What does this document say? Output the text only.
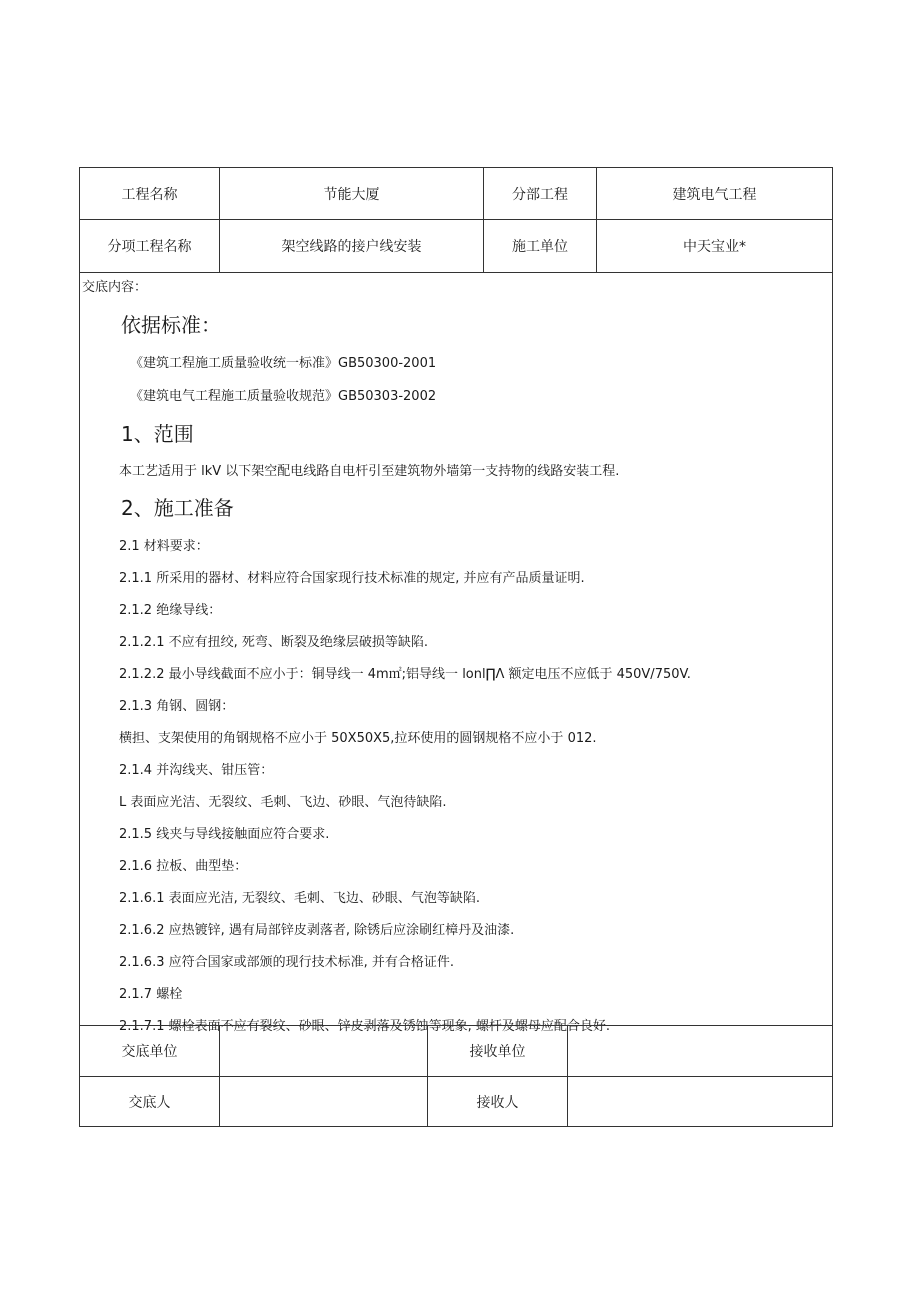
工程名称	节能大厦	分部工程	建筑电气工程
分项工程名称	架空线路的接户线安装	施工单位	中天宝业*
交底内容：
依据标准：
《建筑工程施工质量验收统一标准》GB50300-2001
《建筑电气工程施工质量验收规范》GB50303-2002
1、范围
本工艺适用于 lkV 以下架空配电线路自电杆引至建筑物外墙第一支持物的线路安装工程.
2、施工准备
2.1 材料要求：
2.1.1 所采用的器材、材料应符合国家现行技术标准的规定, 并应有产品质量证明.
2.1.2 绝缘导线：
2.1.2.1 不应有扭绞, 死弯、断裂及绝缘层破损等缺陷.
2.1.2.2 最小导线截面不应小于：铜导线一 4m㎡;铝导线一 lonl∏Λ 额定电压不应低于 450V/750V.
2.1.3 角钢、圆钢：
横担、支架使用的角钢规格不应小于 50X50X5,拉环使用的圆钢规格不应小于 012.
2.1.4 并沟线夹、钳压管：
L 表面应光洁、无裂纹、毛刺、飞边、砂眼、气泡待缺陷.
2.1.5 线夹与导线接触面应符合要求.
2.1.6 拉板、曲型垫：
2.1.6.1 表面应光洁, 无裂纹、毛刺、飞边、砂眼、气泡等缺陷.
2.1.6.2 应热镀锌, 遇有局部锌皮剥落者, 除锈后应涂刷红樟丹及油漆.
2.1.6.3 应符合国家或部颁的现行技术标准, 并有合格证件.
2.1.7 螺栓
2.1.7.1 螺栓表面不应有裂纹、砂眼、锌皮剥落及锈蚀等现象, 螺杆及螺母应配合良好.
交底单位	接收单位
交底人	接收人
